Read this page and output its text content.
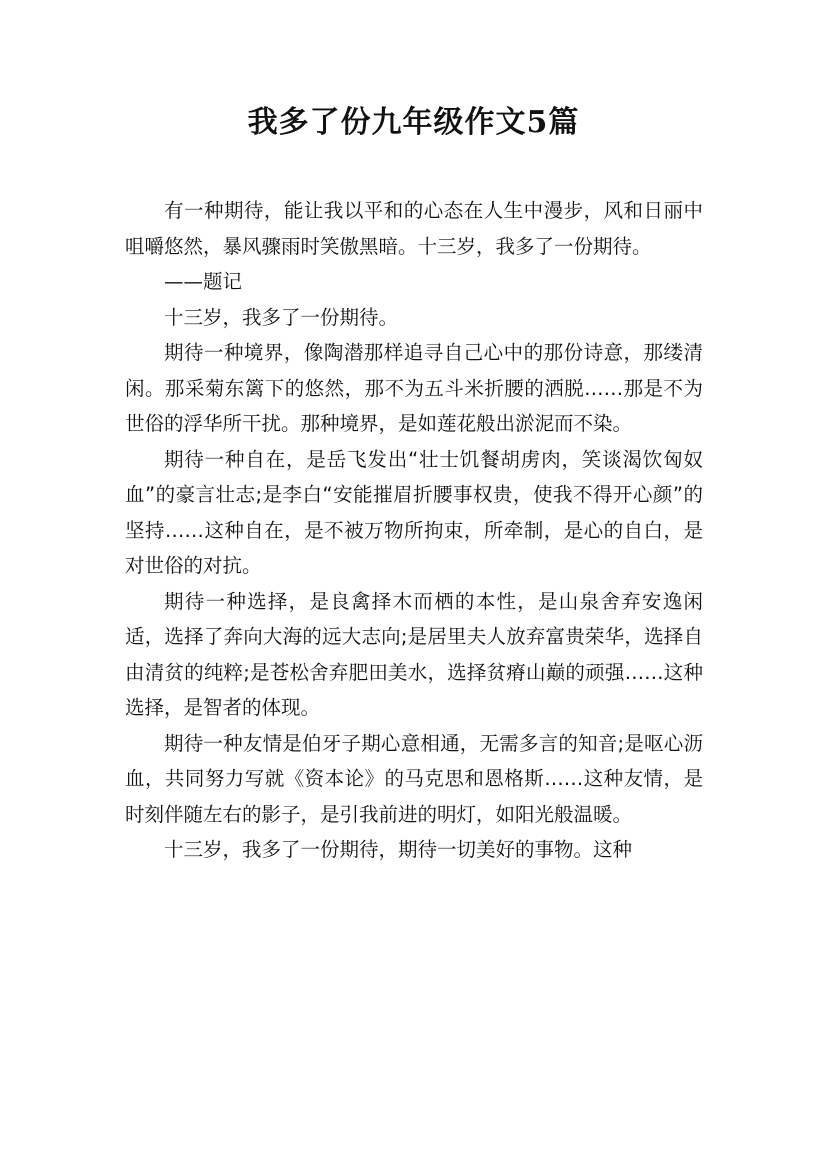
我多了份九年级作文5篇

有一种期待，能让我以平和的心态在人生中漫步，风和日丽中咀嚼悠然，暴风骤雨时笑傲黑暗。十三岁，我多了一份期待。

——题记

十三岁，我多了一份期待。

期待一种境界，像陶潜那样追寻自己心中的那份诗意，那缕清闲。那采菊东篱下的悠然，那不为五斗米折腰的洒脱……那是不为世俗的浮华所干扰。那种境界，是如莲花般出淤泥而不染。

期待一种自在，是岳飞发出“壮士饥餐胡虏肉，笑谈渴饮匈奴血”的豪言壮志;是李白“安能摧眉折腰事权贵，使我不得开心颜”的坚持……这种自在，是不被万物所拘束，所牵制，是心的自白，是对世俗的对抗。

期待一种选择，是良禽择木而栖的本性，是山泉舍弃安逸闲适，选择了奔向大海的远大志向;是居里夫人放弃富贵荣华，选择自由清贫的纯粹;是苍松舍弃肥田美水，选择贫瘠山巅的顽强……这种选择，是智者的体现。

期待一种友情是伯牙子期心意相通，无需多言的知音;是呕心沥血，共同努力写就《资本论》的马克思和恩格斯……这种友情，是时刻伴随左右的影子，是引我前进的明灯，如阳光般温暖。

十三岁，我多了一份期待，期待一切美好的事物。这种
